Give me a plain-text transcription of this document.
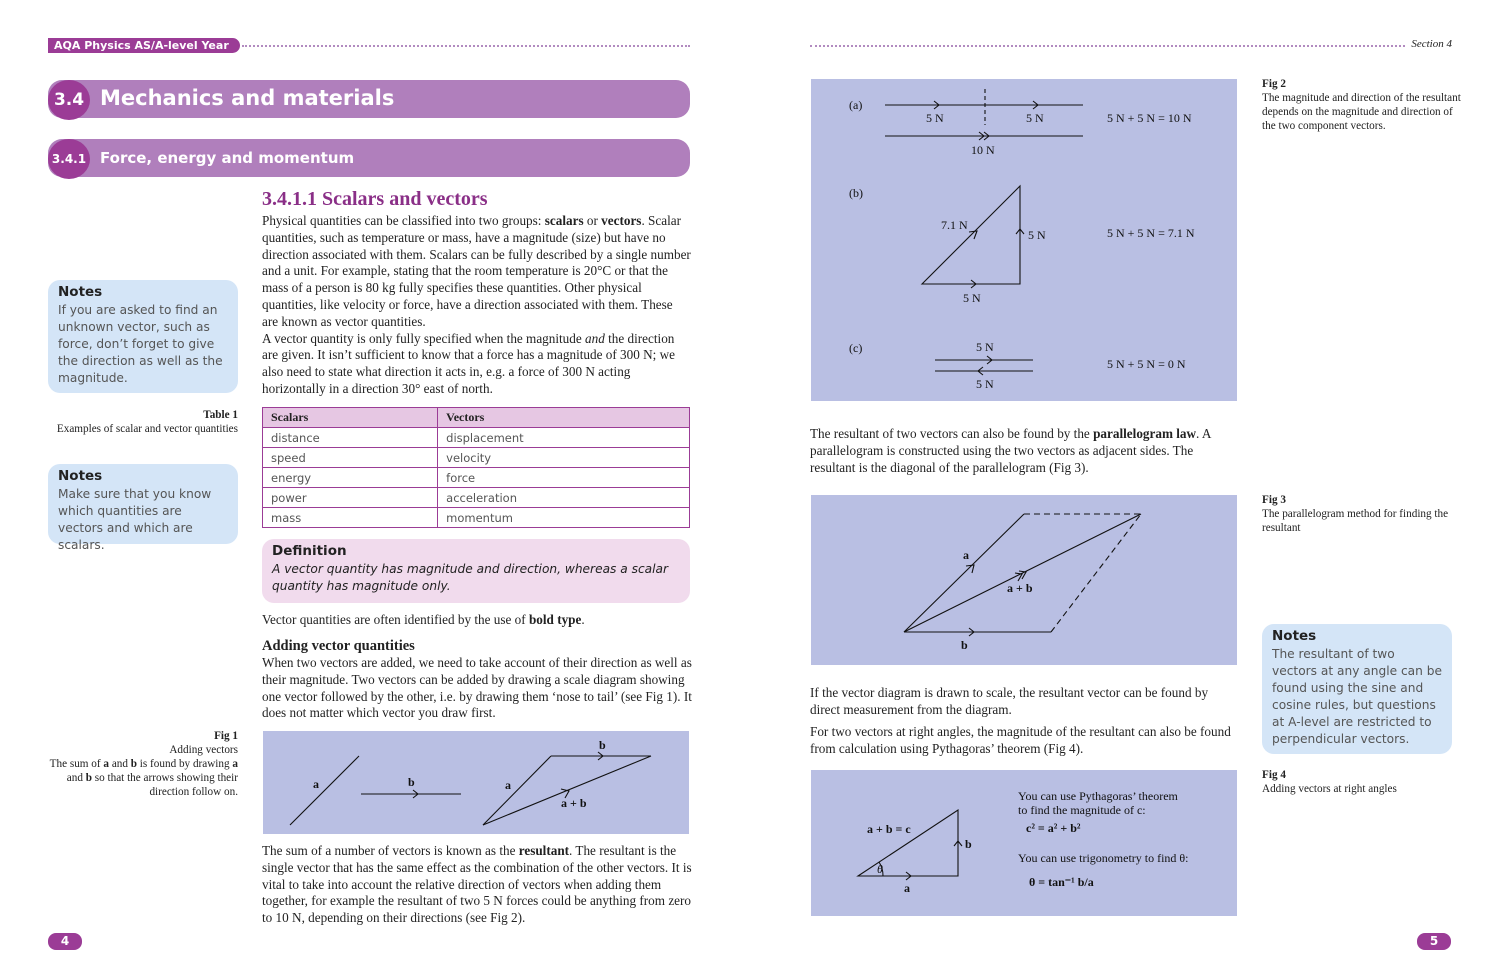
AQA Physics AS/A-level Year 1
Section 4
Mechanics and materials
3.4
Force, energy and momentum
3.4.1
3.4.1.1 Scalars and vectors

Physical quantities can be classified into two groups: scalars or vectors. Scalar quantities, such as temperature or mass, have a magnitude (size) but have no direction associated with them. Scalars can be fully described by a single number and a unit. For example, stating that the room temperature is 20°C or that the mass of a person is 80 kg fully specifies these quantities. Other physical quantities, like velocity or force, have a direction associated with them. These are known as vector quantities.

A vector quantity is only fully specified when the magnitude and the direction are given. It isn’t sufficient to know that a force has a magnitude of 300 N; we also need to state what direction it acts in, e.g. a force of 300 N acting horizontally in a direction 30° east of north.

Notes
If you are asked to find an unknown vector, such as force, don’t forget to give the direction as well as the magnitude.
Table 1
Examples of scalar and vector quantities
Notes
Make sure that you know which quantities are vectors and which are scalars.
Scalars	Vectors
distance	displacement
speed	velocity
energy	force
power	acceleration
mass	momentum
Definition
A vector quantity has magnitude and direction, whereas a scalar quantity has magnitude only.
Vector quantities are often identified by the use of bold type.
Adding vector quantities
When two vectors are added, we need to take account of their direction as well as their magnitude. Two vectors can be added by drawing a scale diagram showing one vector followed by the other, i.e. by drawing them ‘nose to tail’ (see Fig 1). It does not matter which vector you draw first.
Fig 1
Adding vectors
The sum of a and b is found by drawing a and b so that the arrows showing their direction follow on.
a	b	a
b
a + b
The sum of a number of vectors is known as the resultant. The resultant is the single vector that has the same effect as the combination of the other vectors. It is vital to take into account the relative direction of vectors when adding them together, for example the resultant of two 5 N forces could be anything from zero to 10 N, depending on their directions (see Fig 2).
4
(a)
5 N	5 N
10 N
5 N + 5 N = 10 N
(b)
7.1 N
5 N
5 N
5 N + 5 N = 7.1 N
(c)	5 N
5 N
5 N + 5 N = 0 N
Fig 2
The magnitude and direction of the resultant depends on the magnitude and direction of the two component vectors.
The resultant of two vectors can also be found by the parallelogram law. A parallelogram is constructed using the two vectors as adjacent sides. The resultant is the diagonal of the parallelogram (Fig 3).
a
b
a + b
Fig 3
The parallelogram method for finding the resultant
Notes
The resultant of two vectors at any angle can be found using the sine and cosine rules, but questions at A-level are restricted to perpendicular vectors.
If the vector diagram is drawn to scale, the resultant vector can be found by direct measurement from the diagram.
For two vectors at right angles, the magnitude of the resultant can also be found from calculation using Pythagoras’ theorem (Fig 4).
a + b = c
b
a
θ
You can use Pythagoras’ theorem
to find the magnitude of c:
c² = a² + b²
You can use trigonometry to find θ:
θ = tan⁻¹ b/a
Fig 4
Adding vectors at right angles
5
